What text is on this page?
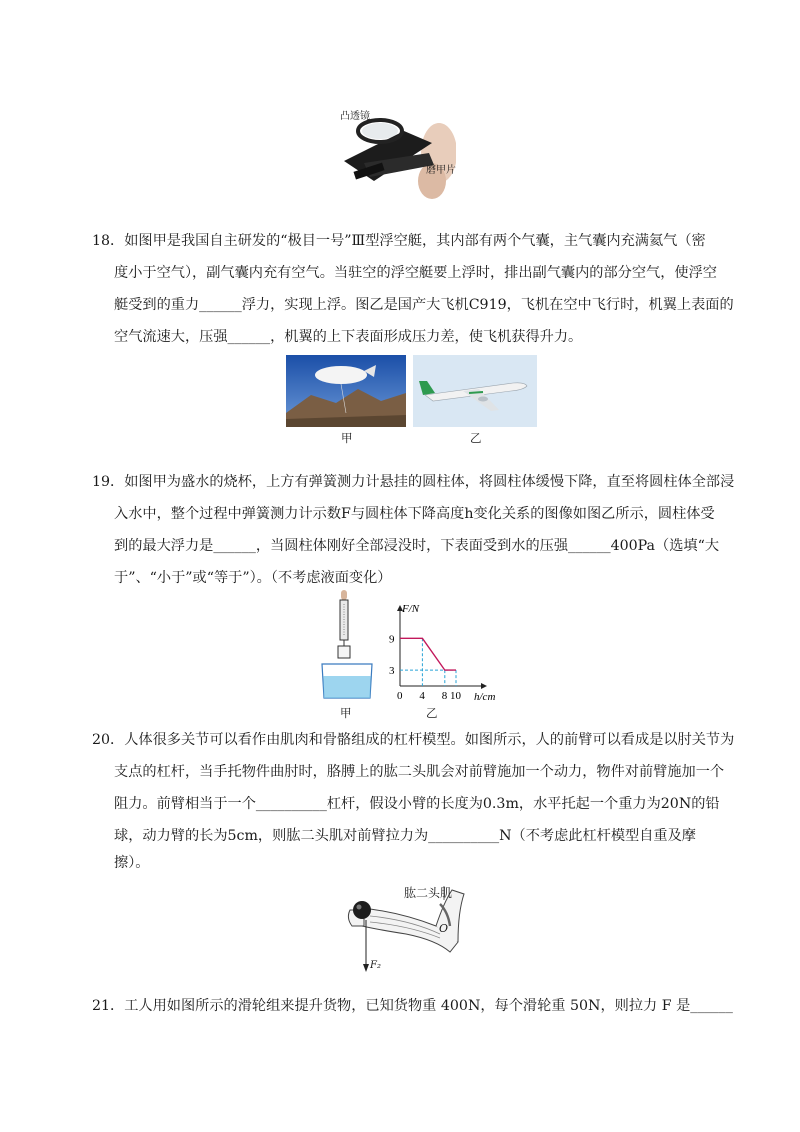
凸透镜
磨甲片
18．如图甲是我国自主研发的“极目一号”Ⅲ型浮空艇，其内部有两个气囊，主气囊内充满氦气（密
度小于空气），副气囊内充有空气。当驻空的浮空艇要上浮时，排出副气囊内的部分空气，使浮空
艇受到的重力______浮力，实现上浮。图乙是国产大飞机C919，飞机在空中飞行时，机翼上表面的
空气流速大，压强______，机翼的上下表面形成压力差，使飞机获得升力。
甲	乙
19．如图甲为盛水的烧杯，上方有弹簧测力计悬挂的圆柱体，将圆柱体缓慢下降，直至将圆柱体全部浸
入水中，整个过程中弹簧测力计示数F与圆柱体下降高度h变化关系的图像如图乙所示，圆柱体受
到的最大浮力是______，当圆柱体刚好全部浸没时，下表面受到水的压强______400Pa（选填“大
于”、“小于”或“等于”）。（不考虑液面变化）
甲
0 4 8 10
9
3
F/N
h/cm
乙
20．人体很多关节可以看作由肌肉和骨骼组成的杠杆模型。如图所示，人的前臂可以看成是以肘关节为
支点的杠杆，当手托物件曲肘时，胳膊上的肱二头肌会对前臂施加一个动力，物件对前臂施加一个
阻力。前臂相当于一个__________杠杆，假设小臂的长度为0.3m，水平托起一个重力为20N的铅
球，动力臂的长为5cm，则肱二头肌对前臂拉力为__________N（不考虑此杠杆模型自重及摩
擦）。
肱二头肌
O
F₂
21．工人用如图所示的滑轮组来提升货物，已知货物重 400N，每个滑轮重 50N，则拉力 F 是______
